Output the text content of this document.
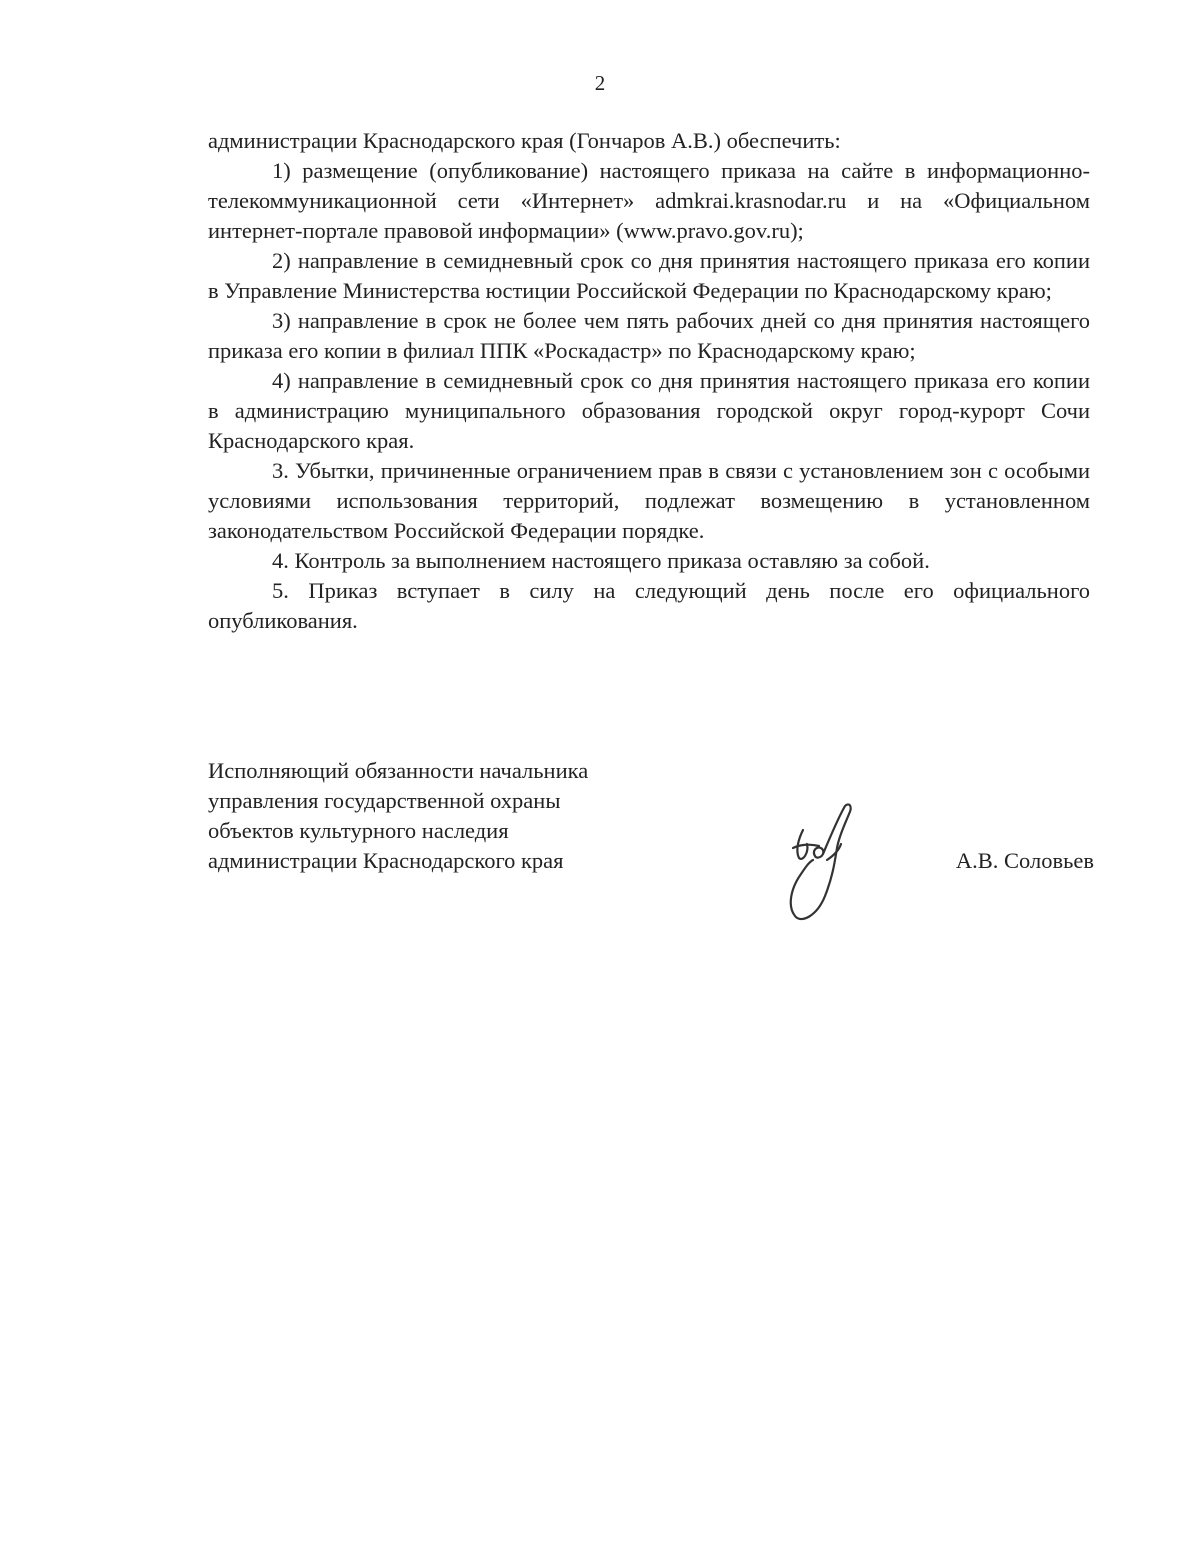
2

администрации Краснодарского края (Гончаров А.В.) обеспечить:

1) размещение (опубликование) настоящего приказа на сайте в информационно-телекоммуникационной сети «Интернет» admkrai.krasnodar.ru и на «Официальном интернет-портале правовой информации» (www.pravo.gov.ru);

2) направление в семидневный срок со дня принятия настоящего приказа его копии в Управление Министерства юстиции Российской Федерации по Краснодарскому краю;

3) направление в срок не более чем пять рабочих дней со дня принятия настоящего приказа его копии в филиал ППК «Роскадастр» по Краснодарскому краю;

4) направление в семидневный срок со дня принятия настоящего приказа его копии в администрацию муниципального образования городской округ город-курорт Сочи Краснодарского края.

3. Убытки, причиненные ограничением прав в связи с установлением зон с особыми условиями использования территорий, подлежат возмещению в установленном законодательством Российской Федерации порядке.

4. Контроль за выполнением настоящего приказа оставляю за собой.

5. Приказ вступает в силу на следующий день после его официального опубликования.

Исполняющий обязанности начальника
управления государственной охраны
объектов культурного наследия
администрации Краснодарского края	А.В. Соловьев
